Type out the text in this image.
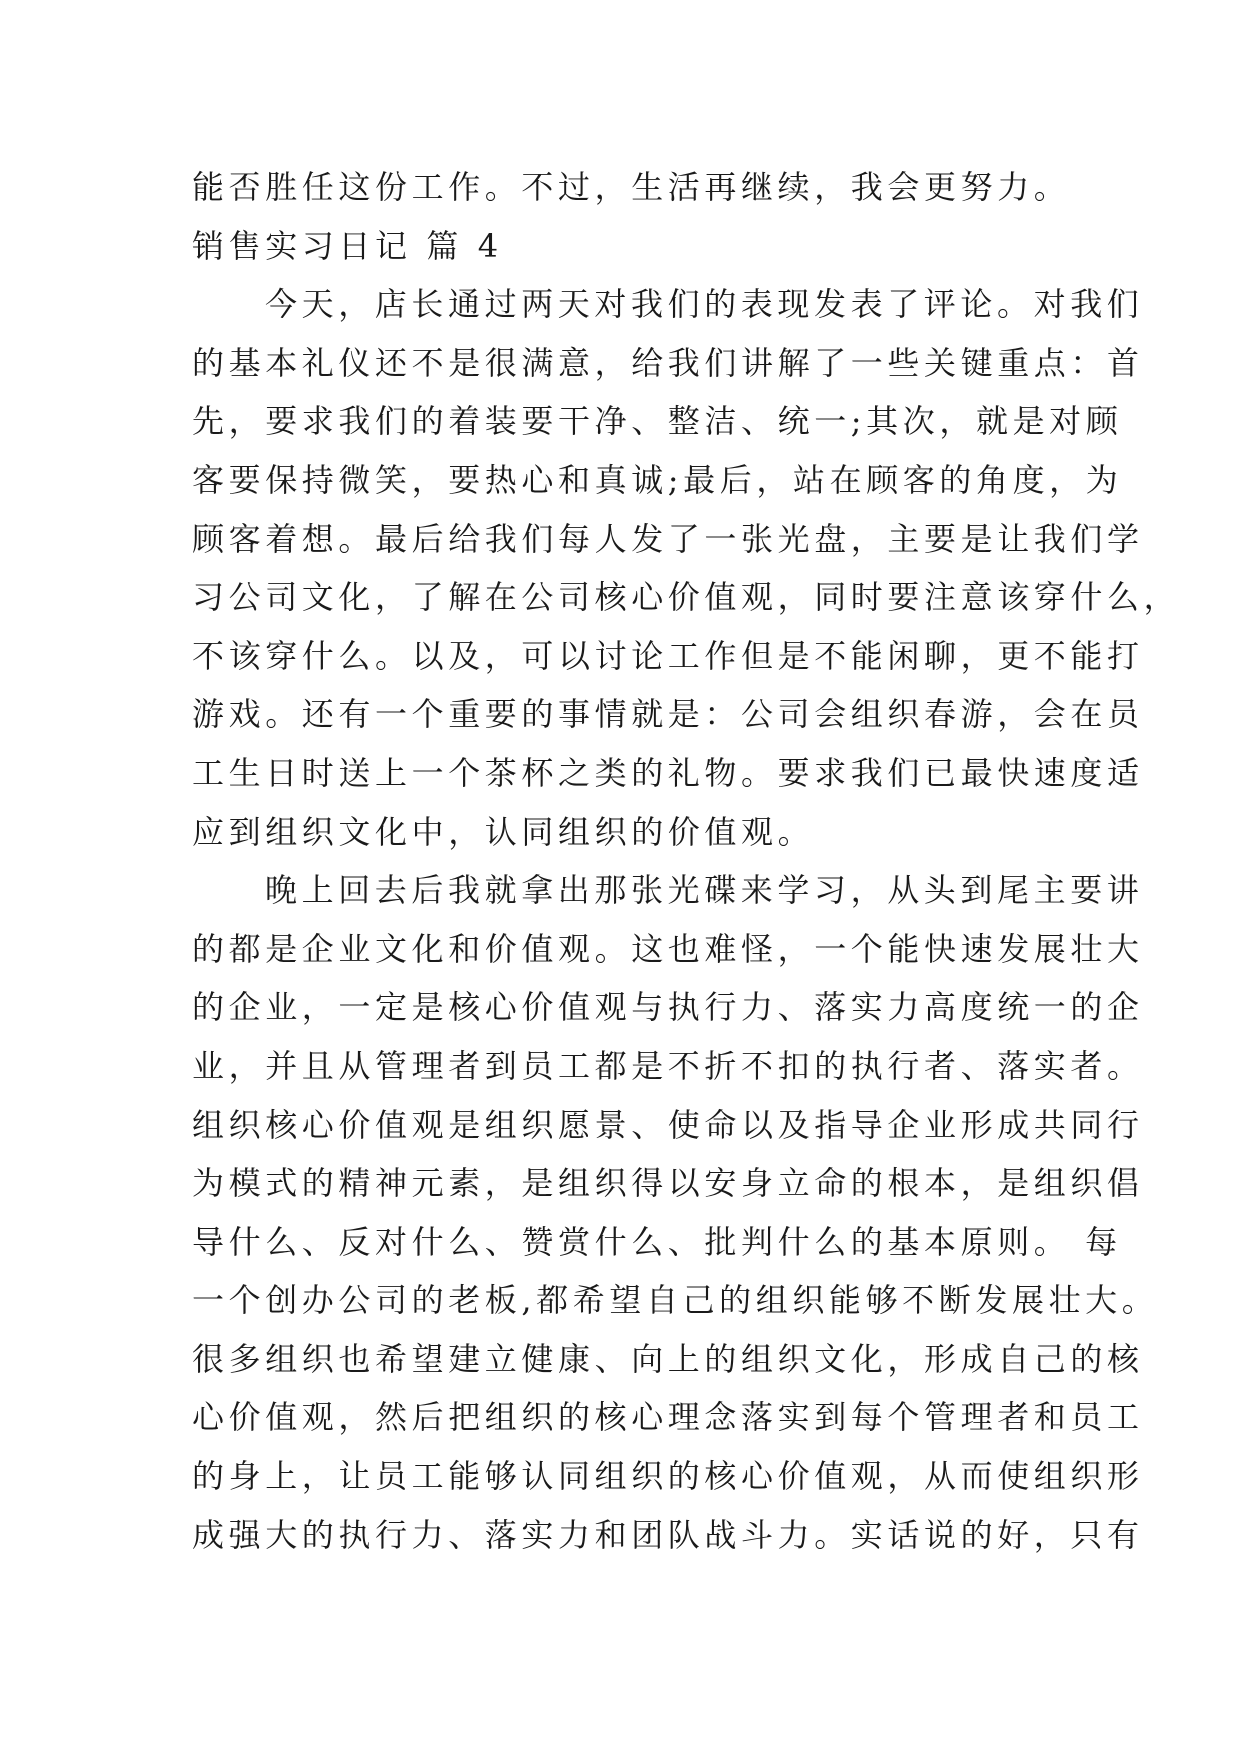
能否胜任这份工作。不过，生活再继续，我会更努力。
销售实习日记 篇 4
今天，店长通过两天对我们的表现发表了评论。对我们
的基本礼仪还不是很满意，给我们讲解了一些关键重点：首
先，要求我们的着装要干净、整洁、统一;其次，就是对顾
客要保持微笑，要热心和真诚;最后，站在顾客的角度，为
顾客着想。最后给我们每人发了一张光盘，主要是让我们学
习公司文化，了解在公司核心价值观，同时要注意该穿什么，
不该穿什么。以及，可以讨论工作但是不能闲聊，更不能打
游戏。还有一个重要的事情就是：公司会组织春游，会在员
工生日时送上一个茶杯之类的礼物。要求我们已最快速度适
应到组织文化中，认同组织的价值观。
晚上回去后我就拿出那张光碟来学习，从头到尾主要讲
的都是企业文化和价值观。这也难怪，一个能快速发展壮大
的企业，一定是核心价值观与执行力、落实力高度统一的企
业，并且从管理者到员工都是不折不扣的执行者、落实者。
组织核心价值观是组织愿景、使命以及指导企业形成共同行
为模式的精神元素，是组织得以安身立命的根本，是组织倡
导什么、反对什么、赞赏什么、批判什么的基本原则。 每
一个创办公司的老板,都希望自己的组织能够不断发展壮大。
很多组织也希望建立健康、向上的组织文化，形成自己的核
心价值观，然后把组织的核心理念落实到每个管理者和员工
的身上，让员工能够认同组织的核心价值观，从而使组织形
成强大的执行力、落实力和团队战斗力。实话说的好，只有
